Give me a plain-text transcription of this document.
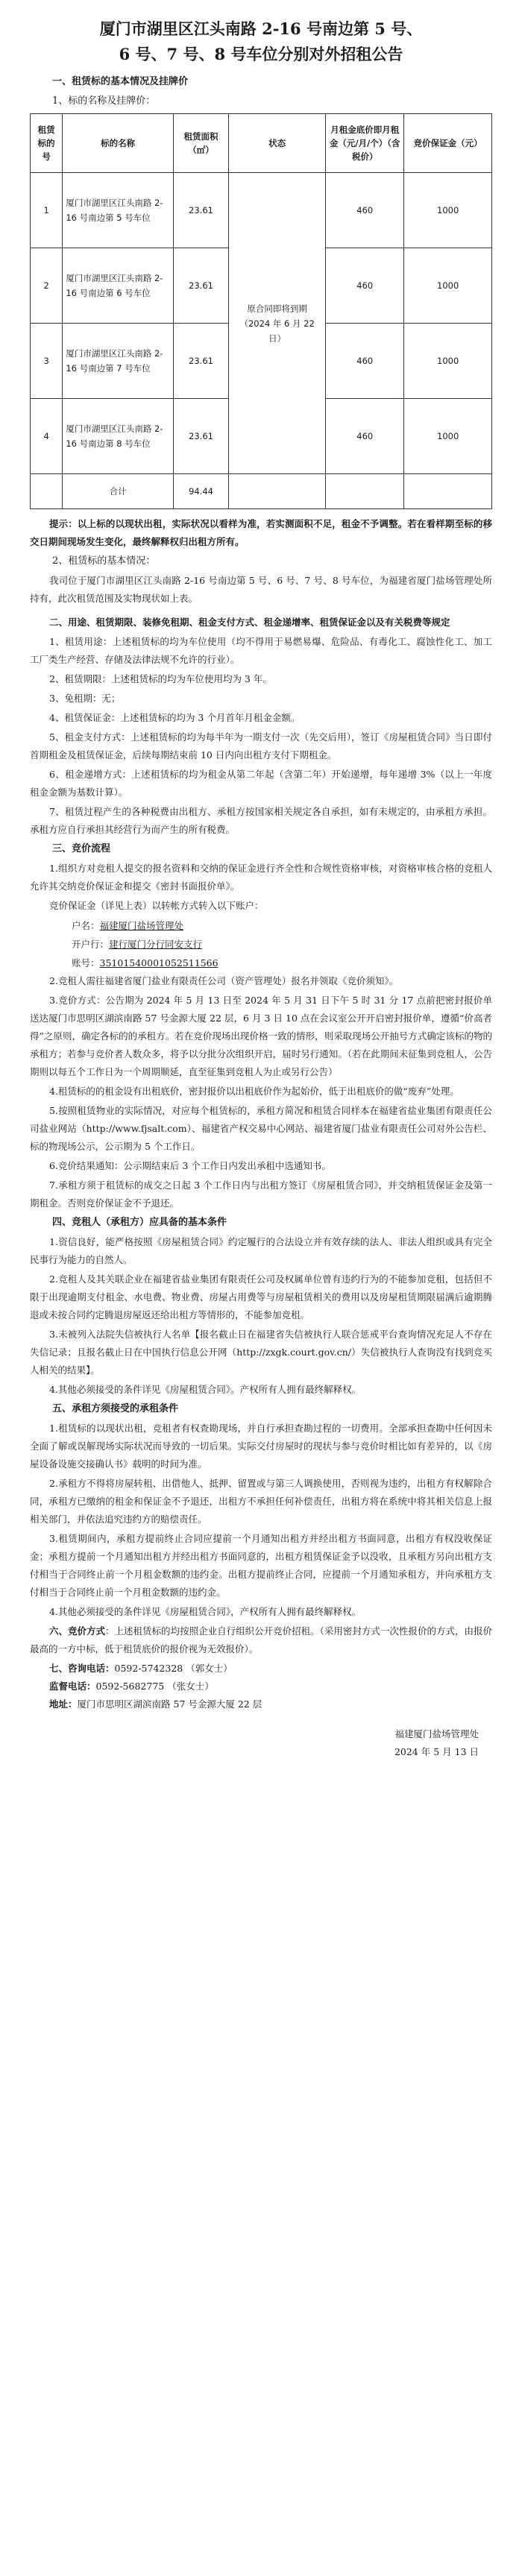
厦门市湖里区江头南路 2-16 号南边第 5 号、
6 号、7 号、8 号车位分别对外招租公告
一、租赁标的基本情况及挂牌价
1、标的名称及挂牌价：
租赁标的号	标的名称	租赁面积（㎡）	状态	月租金底价即月租金（元/月/个）（含税价）	竞价保证金（元）
1	厦门市湖里区江头南路 2-16 号南边第 5 号车位	23.61	原合同即将到期（2024 年 6 月 22 日）	460	1000
2	厦门市湖里区江头南路 2-16 号南边第 6 号车位	23.61		460	1000
3	厦门市湖里区江头南路 2-16 号南边第 7 号车位	23.61		460	1000
4	厦门市湖里区江头南路 2-16 号南边第 8 号车位	23.61		460	1000
	合计	94.44			

提示：以上标的以现状出租，实际状况以看样为准，若实测面积不足，租金不予调整。若在看样期至标的移交日期间现场发生变化，最终解释权归出租方所有。

2、租赁标的基本情况：

我司位于厦门市湖里区江头南路 2-16 号南边第 5 号、6 号、7 号、8 号车位，为福建省厦门盐场管理处所持有，此次租赁范围及实物现状如上表。

二、用途、租赁期限、装修免租期、租金支付方式、租金递增率、租赁保证金以及有关税费等规定

1、租赁用途：上述租赁标的均为车位使用（均不得用于易燃易爆、危险品、有毒化工、腐蚀性化工、加工工厂类生产经营、存储及法律法规不允许的行业）。

2、租赁期限：上述租赁标的均为车位使用均为 3 年。

3、免租期：无；

4、租赁保证金：上述租赁标的均为 3 个月首年月租金金额。

5、租金支付方式：上述租赁标的均为每半年为一期支付一次（先交后用），签订《房屋租赁合同》当日即付首期租金及租赁保证金，后续每期结束前 10 日内向出租方支付下期租金。

6、租金递增方式：上述租赁标的均为租金从第二年起（含第二年）开始递增，每年递增 3%（以上一年度租金金额为基数计算）。

7、租赁过程产生的各种税费由出租方、承租方按国家相关规定各自承担，如有未规定的，由承租方承担。承租方应自行承担其经营行为而产生的所有税费。

三、竞价流程

1.组织方对竞租人提交的报名资料和交纳的保证金进行齐全性和合规性资格审核，对资格审核合格的竞租人允许其交纳竞价保证金和提交《密封书面报价单》。

竞价保证金（详见上表）以转帐方式转入以下账户：

户名：福建厦门盐场管理处
开户行：建行厦门分行同安支行
账号：35101540001052511566

2.竞租人需往福建省厦门盐业有限责任公司（资产管理处）报名并领取《竞价须知》。

3.竞价方式：公告期为 2024 年 5 月 13 日至 2024 年 5 月 31 日下午 5 时 31 分 17 点前把密封报价单送达厦门市思明区湖滨南路 57 号金源大厦 22 层，6 月 3 日 10 点在会议室公开开启密封报价单，遵循“价高者得”之原则，确定各标的的承租方。若在竞价现场出现价格一致的情形，则采取现场公开抽号方式确定该标的物的承租方；若参与竞价者人数众多，将予以分批分次组织开启，届时另行通知。（若在此期间未征集到竞租人，公告期则以每五个工作日为一个周期顺延，直至征集到竞租人为止或另行公告）

4.租赁标的的租金设有出租底价，密封报价以出租底价作为起始价，低于出租底价的做“废弃”处理。

5.按照租赁物业的实际情况，对应每个租赁标的，承租方简况和租赁合同样本在福建省盐业集团有限责任公司盐业网站（http://www.fjsalt.com）、福建省产权交易中心网站、福建省厦门盐业有限责任公司对外公告栏、标的物现场公示，公示期为 5 个工作日。

6.竞价结果通知：公示期结束后 3 个工作日内发出承租中选通知书。

7.承租方须于租赁标的成交之日起 3 个工作日内与出租方签订《房屋租赁合同》，并交纳租赁保证金及第一期租金。否则竞价保证金不予退还。

四、竞租人（承租方）应具备的基本条件

1.资信良好，能严格按照《房屋租赁合同》约定履行的合法设立并有效存续的法人、非法人组织或具有完全民事行为能力的自然人。

2.竞租人及其关联企业在福建省盐业集团有限责任公司及权属单位曾有违约行为的不能参加竞租，包括但不限于出现逾期支付租金、水电费、物业费、房屋占用费等与房屋租赁相关的费用以及房屋租赁期限届满后逾期腾退或未按合同约定腾退房屋返还给出租方等情形的，不能参加竞租。

3.未被列入法院失信被执行人名单【报名截止日在福建省失信被执行人联合惩戒平台查询情况充足人不存在失信记录；且报名截止日在中国执行信息公开网（http://zxgk.court.gov.cn/）失信被执行人查询没有找到竞买人相关的结果】。

4.其他必须接受的条件详见《房屋租赁合同》。产权所有人拥有最终解释权。

五、承租方须接受的承租条件

1.租赁标的以现状出租，竞租者有权查勘现场，并自行承担查勘过程的一切费用。全部承担查勘中任何因未全面了解或误解现场实际状况而导致的一切后果。实际交付房屋时的现状与参与竞价时相比如有差异的，以《房屋设备设施交接确认书》载明的时间为准。

2.承租方不得将房屋转租、出借他人、抵押、留置或与第三人调换使用，否则视为违约，出租方有权解除合同，承租方已缴纳的租金和保证金不予退还，出租方不承担任何补偿责任，出租方将在系统中将其相关信息上报相关部门，并依法追究违约方的赔偿责任。

3.租赁期间内，承租方提前终止合同应提前一个月通知出租方并经出租方书面同意，出租方有权没收保证金；承租方提前一个月通知出租方并经出租方书面同意的，出租方租赁保证金予以没收，且承租方另向出租方支付相当于合同终止前一个月租金数额的违约金。出租方提前终止合同，应提前一个月通知承租方，并向承租方支付相当于合同终止前一个月租金数额的违约金。

4.其他必须接受的条件详见《房屋租赁合同》，产权所有人拥有最终解释权。

六、竞价方式：上述租赁标的均按照企业自行组织公开竞价招租。（采用密封方式一次性报价的方式，由报价最高的一方中标，低于租赁底价的报价视为无效报价）。

七、咨询电话：0592-5742328 （郭女士）
监督电话：0592-5682775 （张女士）
地址：厦门市思明区湖滨南路 57 号金源大厦 22 层
福建厦门盐场管理处
2024 年 5 月 13 日
